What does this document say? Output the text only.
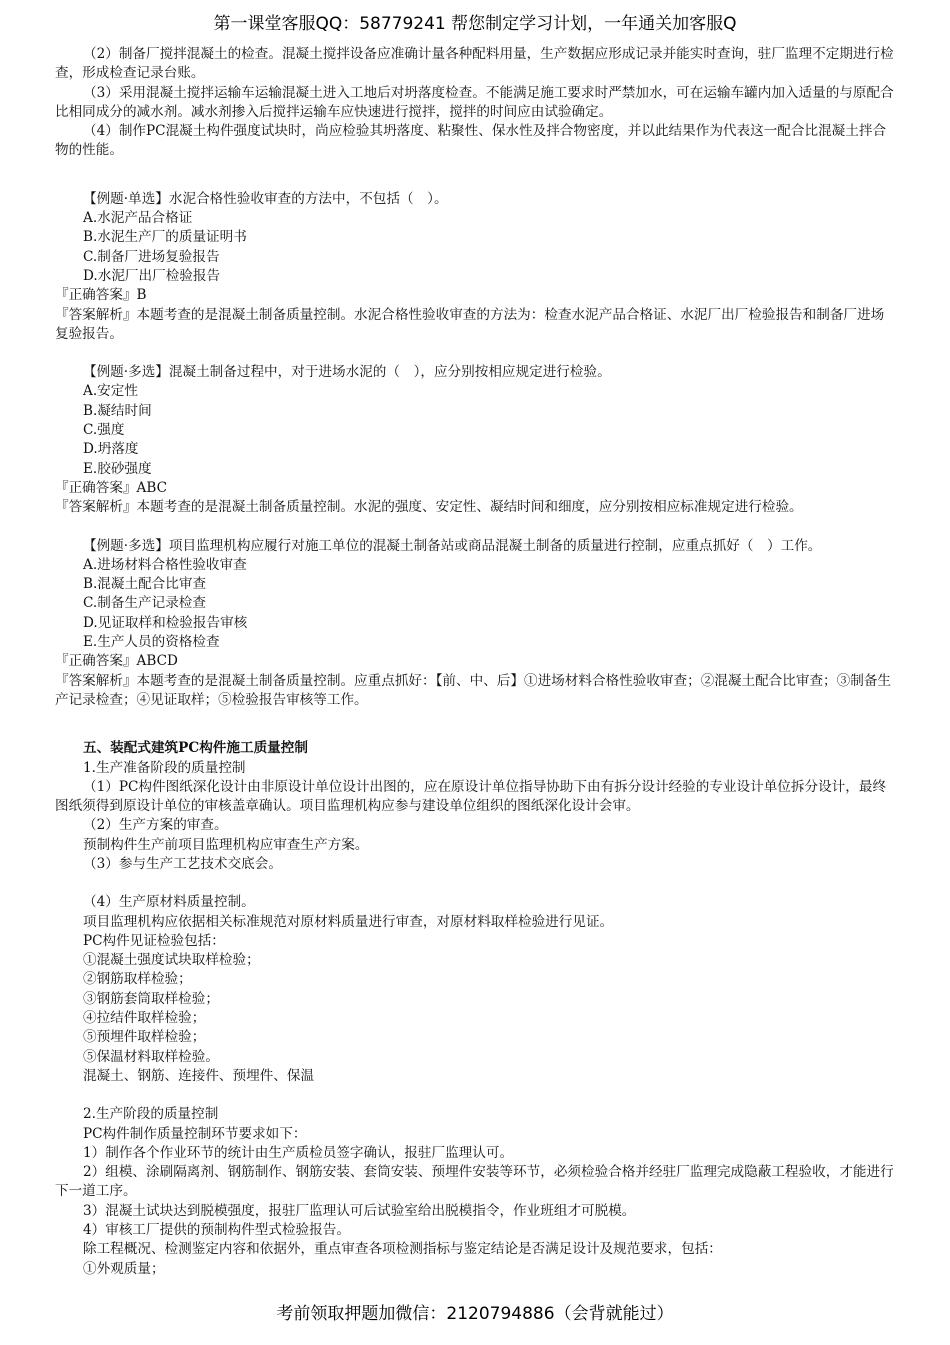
第一课堂客服QQ：58779241 帮您制定学习计划，一年通关加客服Q

（2）制备厂搅拌混凝土的检查。混凝土搅拌设备应准确计量各种配料用量，生产数据应形成记录并能实时查询，驻厂监理不定期进行检查，形成检查记录台账。

（3）采用混凝土搅拌运输车运输混凝土进入工地后对坍落度检查。不能满足施工要求时严禁加水，可在运输车罐内加入适量的与原配合比相同成分的减水剂。减水剂掺入后搅拌运输车应快速进行搅拌，搅拌的时间应由试验确定。

（4）制作PC混凝土构件强度试块时，尚应检验其坍落度、粘聚性、保水性及拌合物密度，并以此结果作为代表这一配合比混凝土拌合物的性能。

【例题·单选】水泥合格性验收审查的方法中，不包括（　）。

A.水泥产品合格证

B.水泥生产厂的质量证明书

C.制备厂进场复验报告

D.水泥厂出厂检验报告

『正确答案』B

『答案解析』本题考查的是混凝土制备质量控制。水泥合格性验收审查的方法为：检查水泥产品合格证、水泥厂出厂检验报告和制备厂进场复验报告。

【例题·多选】混凝土制备过程中，对于进场水泥的（　），应分别按相应规定进行检验。

A.安定性

B.凝结时间

C.强度

D.坍落度

E.胶砂强度

『正确答案』ABC

『答案解析』本题考查的是混凝土制备质量控制。水泥的强度、安定性、凝结时间和细度，应分别按相应标准规定进行检验。

【例题·多选】项目监理机构应履行对施工单位的混凝土制备站或商品混凝土制备的质量进行控制，应重点抓好（　）工作。

A.进场材料合格性验收审查

B.混凝土配合比审查

C.制备生产记录检查

D.见证取样和检验报告审核

E.生产人员的资格检查

『正确答案』ABCD

『答案解析』本题考查的是混凝土制备质量控制。应重点抓好：【前、中、后】①进场材料合格性验收审查；②混凝土配合比审查；③制备生产记录检查；④见证取样；⑤检验报告审核等工作。

五、装配式建筑PC构件施工质量控制

1.生产准备阶段的质量控制

（1）PC构件图纸深化设计由非原设计单位设计出图的，应在原设计单位指导协助下由有拆分设计经验的专业设计单位拆分设计，最终图纸须得到原设计单位的审核盖章确认。项目监理机构应参与建设单位组织的图纸深化设计会审。

（2）生产方案的审查。

预制构件生产前项目监理机构应审查生产方案。

（3）参与生产工艺技术交底会。

（4）生产原材料质量控制。

项目监理机构应依据相关标准规范对原材料质量进行审查，对原材料取样检验进行见证。

PC构件见证检验包括：

①混凝土强度试块取样检验；

②钢筋取样检验；

③钢筋套筒取样检验；

④拉结件取样检验；

⑤预埋件取样检验；

⑤保温材料取样检验。

混凝土、钢筋、连接件、预埋件、保温

2.生产阶段的质量控制

PC构件制作质量控制环节要求如下：

1）制作各个作业环节的统计由生产质检员签字确认，报驻厂监理认可。

2）组模、涂刷隔离剂、钢筋制作、钢筋安装、套筒安装、预埋件安装等环节，必须检验合格并经驻厂监理完成隐蔽工程验收，才能进行下一道工序。

3）混凝土试块达到脱模强度，报驻厂监理认可后试验室给出脱模指令，作业班组才可脱模。

4）审核工厂提供的预制构件型式检验报告。

除工程概况、检测鉴定内容和依据外，重点审查各项检测指标与鉴定结论是否满足设计及规范要求，包括：

①外观质量；

考前领取押题加微信：2120794886（会背就能过）
